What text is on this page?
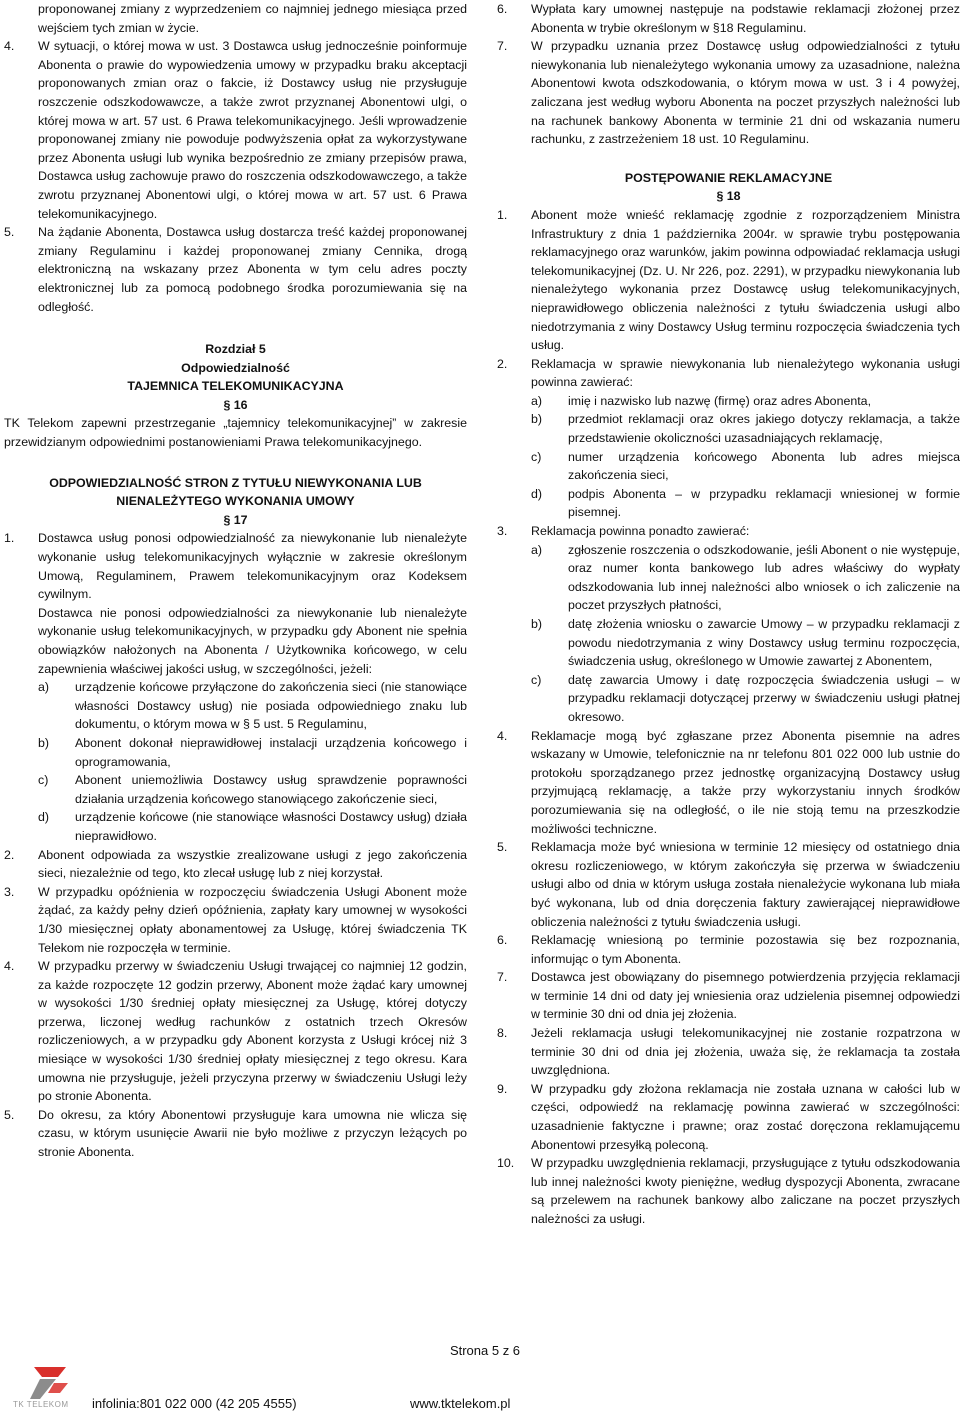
proponowanej zmiany z wyprzedzeniem co najmniej jednego miesiąca przed wejściem tych zmian w życie.

4.	W sytuacji, o której mowa w ust. 3 Dostawca usług jednocześnie poinformuje Abonenta o prawie do wypowiedzenia umowy w przypadku braku akceptacji proponowanych zmian oraz o fakcie, iż Dostawcy usług nie przysługuje roszczenie odszkodowawcze, a także zwrot przyznanej Abonentowi ulgi, o której mowa w art. 57 ust. 6 Prawa telekomunikacyjnego. Jeśli wprowadzenie proponowanej zmiany nie powoduje podwyższenia opłat za wykorzystywane przez Abonenta usługi lub wynika bezpośrednio ze zmiany przepisów prawa, Dostawca usług zachowuje prawo do roszczenia odszkodowawczego, a także zwrotu przyznanej Abonentowi ulgi, o której mowa w art. 57 ust. 6 Prawa telekomunikacyjnego.
5.	Na żądanie Abonenta, Dostawca usług dostarcza treść każdej proponowanej zmiany Regulaminu i każdej proponowanej zmiany Cennika, drogą elektroniczną na wskazany przez Abonenta w tym celu adres poczty elektronicznej lub za pomocą podobnego środka porozumiewania się na odległość.
Rozdział 5
Odpowiedzialność
TAJEMNICA TELEKOMUNIKACYJNA
§ 16

TK Telekom zapewni przestrzeganie „tajemnicy telekomunikacyjnej” w zakresie przewidzianym odpowiednimi postanowieniami Prawa telekomunikacyjnego.

ODPOWIEDZIALNOŚĆ STRON Z TYTUŁU NIEWYKONANIA LUB
NIENALEŻYTEGO WYKONANIA UMOWY
§ 17
1.	Dostawca usług ponosi odpowiedzialność za niewykonanie lub nienależyte wykonanie usług telekomunikacyjnych wyłącznie w zakresie określonym Umową, Regulaminem, Prawem telekomunikacyjnym oraz Kodeksem cywilnym.

Dostawca nie ponosi odpowiedzialności za niewykonanie lub nienależyte wykonanie usług telekomunikacyjnych, w przypadku gdy Abonent nie spełnia obowiązków nałożonych na Abonenta / Użytkownika końcowego, w celu zapewnienia właściwej jakości usług, w szczególności, jeżeli:

a)	urządzenie końcowe przyłączone do zakończenia sieci (nie stanowiące własności Dostawcy usług) nie posiada odpowiedniego znaku lub dokumentu, o którym mowa w § 5 ust. 5 Regulaminu,
b)	Abonent dokonał nieprawidłowej instalacji urządzenia końcowego i oprogramowania,
c)	Abonent uniemożliwia Dostawcy usług sprawdzenie poprawności działania urządzenia końcowego stanowiącego zakończenie sieci,
d)	urządzenie końcowe (nie stanowiące własności Dostawcy usług) działa nieprawidłowo.
2.	Abonent odpowiada za wszystkie zrealizowane usługi z jego zakończenia sieci, niezależnie od tego, kto zlecał usługę lub z niej korzystał.
3.	W przypadku opóźnienia w rozpoczęciu świadczenia Usługi Abonent może żądać, za każdy pełny dzień opóźnienia, zapłaty kary umownej w wysokości 1/30 miesięcznej opłaty abonamentowej za Usługę, której świadczenia TK Telekom nie rozpoczęła w terminie.
4.	W przypadku przerwy w świadczeniu Usługi trwającej co najmniej 12 godzin, za każde rozpoczęte 12 godzin przerwy, Abonent może żądać kary umownej w wysokości 1/30 średniej opłaty miesięcznej za Usługę, której dotyczy przerwa, liczonej według rachunków z ostatnich trzech Okresów rozliczeniowych, a w przypadku gdy Abonent korzysta z Usługi krócej niż 3 miesiące w wysokości 1/30 średniej opłaty miesięcznej z tego okresu. Kara umowna nie przysługuje, jeżeli przyczyna przerwy w świadczeniu Usługi leży po stronie Abonenta.
5.	Do okresu, za który Abonentowi przysługuje kara umowna nie wlicza się czasu, w którym usunięcie Awarii nie było możliwe z przyczyn leżących po stronie Abonenta.
6.	Wypłata kary umownej następuje na podstawie reklamacji złożonej przez Abonenta w trybie określonym w §18 Regulaminu.
7.	W przypadku uznania przez Dostawcę usług odpowiedzialności z tytułu niewykonania lub nienależytego wykonania umowy za uzasadnione, należna Abonentowi kwota odszkodowania, o którym mowa w ust. 3 i 4 powyżej, zaliczana jest według wyboru Abonenta na poczet przyszłych należności lub na rachunek bankowy Abonenta w terminie 21 dni od wskazania numeru rachunku, z zastrzeżeniem 18 ust. 10 Regulaminu.
POSTĘPOWANIE REKLAMACYJNE
§ 18
1.	Abonent może wnieść reklamację zgodnie z rozporządzeniem Ministra Infrastruktury z dnia 1 października 2004r. w sprawie trybu postępowania reklamacyjnego oraz warunków, jakim powinna odpowiadać reklamacja usługi telekomunikacyjnej (Dz. U. Nr 226, poz. 2291), w przypadku niewykonania lub nienależytego wykonania przez Dostawcę usług telekomunikacyjnych, nieprawidłowego obliczenia należności z tytułu świadczenia usługi albo niedotrzymania z winy Dostawcy Usług terminu rozpoczęcia świadczenia tych usług.
2.	Reklamacja w sprawie niewykonania lub nienależytego wykonania usługi powinna zawierać:
a)	imię i nazwisko lub nazwę (firmę) oraz adres Abonenta,
b)	przedmiot reklamacji oraz okres jakiego dotyczy reklamacja, a także przedstawienie okoliczności uzasadniających reklamację,
c)	numer urządzenia końcowego Abonenta lub adres miejsca zakończenia sieci,
d)	podpis Abonenta – w przypadku reklamacji wniesionej w formie pisemnej.
3.	Reklamacja powinna ponadto zawierać:
a)	zgłoszenie roszczenia o odszkodowanie, jeśli Abonent o nie występuje, oraz numer konta bankowego lub adres właściwy do wypłaty odszkodowania lub innej należności albo wniosek o ich zaliczenie na poczet przyszłych płatności,
b)	datę złożenia wniosku o zawarcie Umowy – w przypadku reklamacji z powodu niedotrzymania z winy Dostawcy usług terminu rozpoczęcia, świadczenia usług, określonego w Umowie zawartej z Abonentem,
c)	datę zawarcia Umowy i datę rozpoczęcia świadczenia usługi – w przypadku reklamacji dotyczącej przerwy w świadczeniu usługi płatnej okresowo.
4.	Reklamacje mogą być zgłaszane przez Abonenta pisemnie na adres wskazany w Umowie, telefonicznie na nr telefonu 801 022 000 lub ustnie do protokołu sporządzanego przez jednostkę organizacyjną Dostawcy usług przyjmującą reklamację, a także przy wykorzystaniu innych środków porozumiewania się na odległość, o ile nie stoją temu na przeszkodzie możliwości techniczne.
5.	Reklamacja może być wniesiona w terminie 12 miesięcy od ostatniego dnia okresu rozliczeniowego, w którym zakończyła się przerwa w świadczeniu usługi albo od dnia w którym usługa została nienależycie wykonana lub miała być wykonana, lub od dnia doręczenia faktury zawierającej nieprawidłowe obliczenia należności z tytułu świadczenia usługi.
6.	Reklamację wniesioną po terminie pozostawia się bez rozpoznania, informując o tym Abonenta.
7.	Dostawca jest obowiązany do pisemnego potwierdzenia przyjęcia reklamacji w terminie 14 dni od daty jej wniesienia oraz udzielenia pisemnej odpowiedzi w terminie 30 dni od dnia jej złożenia.
8.	Jeżeli reklamacja usługi telekomunikacyjnej nie zostanie rozpatrzona w terminie 30 dni od dnia jej złożenia, uważa się, że reklamacja ta została uwzględniona.
9.	W przypadku gdy złożona reklamacja nie została uznana w całości lub w części, odpowiedź na reklamację powinna zawierać w szczególności: uzasadnienie faktyczne i prawne; oraz zostać doręczona reklamującemu Abonentowi przesyłką poleconą.
10.	W przypadku uwzględnienia reklamacji, przysługujące z tytułu odszkodowania lub innej należności kwoty pieniężne, według dyspozycji Abonenta, zwracane są przelewem na rachunek bankowy albo zaliczane na poczet przyszłych należności za usługi.
Strona 5 z 6
TK TELEKOM infolinia:801 022 000 (42 205 4555)	www.tktelekom.pl
